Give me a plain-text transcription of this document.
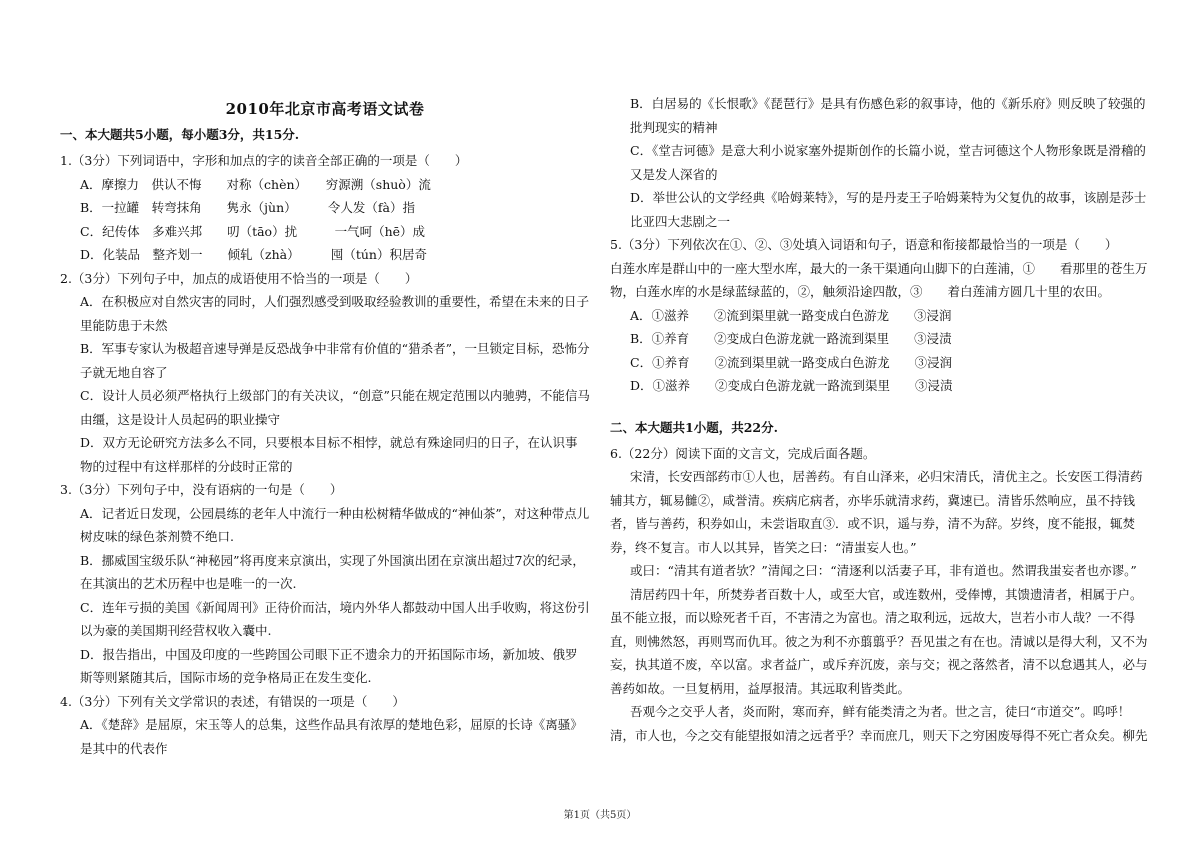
2010年北京市高考语文试卷
一、本大题共5小题，每小题3分，共15分.
1.（3分）下列词语中，字形和加点的字的读音全部正确的一项是（　　）
A．摩擦力　供认不悔　　对称（chèn）　　穷源溯（shuò）流
B．一拉罐　转弯抹角　　隽永（jùn）　　　令人发（fà）指
C．纪传体　多难兴邦　　叨（tāo）扰　　　一气呵（hē）成
D．化装品　整齐划一　　倾轧（zhà）　　　囤（tún）积居奇
2.（3分）下列句子中，加点的成语使用不恰当的一项是（　　）
A．在积极应对自然灾害的同时，人们强烈感受到吸取经验教训的重要性，希望在未来的日子里能防患于未然
B．军事专家认为极超音速导弹是反恐战争中非常有价值的“猎杀者”，一旦锁定目标，恐怖分子就无地自容了
C．设计人员必须严格执行上级部门的有关决议，“创意”只能在规定范围以内驰骋，不能信马由缰，这是设计人员起码的职业操守
D．双方无论研究方法多么不同，只要根本目标不相悖，就总有殊途同归的日子，在认识事物的过程中有这样那样的分歧时正常的
3.（3分）下列句子中，没有语病的一句是（　　）
A．记者近日发现，公园晨练的老年人中流行一种由松树精华做成的“神仙茶”，对这种带点儿树皮味的绿色茶剂赞不绝口.
B．挪威国宝级乐队“神秘园”将再度来京演出，实现了外国演出团在京演出超过7次的纪录，在其演出的艺术历程中也是唯一的一次.
C．连年亏损的美国《新闻周刊》正待价而沽，境内外华人都鼓动中国人出手收购，将这份引以为豪的美国期刊经营权收入囊中.
D．报告指出，中国及印度的一些跨国公司眼下正不遗余力的开拓国际市场，新加坡、俄罗斯等则紧随其后，国际市场的竞争格局正在发生变化.
4.（3分）下列有关文学常识的表述，有错误的一项是（　　）
A．《楚辞》是屈原，宋玉等人的总集，这些作品具有浓厚的楚地色彩，屈原的长诗《离骚》是其中的代表作
B．白居易的《长恨歌》《琵琶行》是具有伤感色彩的叙事诗，他的《新乐府》则反映了较强的批判现实的精神
C．《堂吉诃德》是意大利小说家塞外提斯创作的长篇小说，堂吉诃德这个人物形象既是滑稽的又是发人深省的
D．举世公认的文学经典《哈姆莱特》，写的是丹麦王子哈姆莱特为父复仇的故事，该剧是莎士比亚四大悲剧之一
5.（3分）下列依次在①、②、③处填入词语和句子，语意和衔接都最恰当的一项是（　　）
白莲水库是群山中的一座大型水库，最大的一条干渠通向山脚下的白莲浦，①　　看那里的苍生万物，白莲水库的水是绿蓝绿蓝的，②，触须沿途四散，③　　着白莲浦方圆几十里的农田。
A．①滋养　　②流到渠里就一路变成白色游龙　　③浸润
B．①养育　　②变成白色游龙就一路流到渠里　　③浸渍
C．①养育　　②流到渠里就一路变成白色游龙　　③浸润
D．①滋养　　②变成白色游龙就一路流到渠里　　③浸渍
二、本大题共1小题，共22分.
6.（22分）阅读下面的文言文，完成后面各题。
宋清，长安西部药市①人也，居善药。有自山泽来，必归宋清氏，清优主之。长安医工得清药辅其方，辄易雠②，咸誉清。疾病庀病者，亦毕乐就清求药，冀速已。清皆乐然响应，虽不持钱者，皆与善药，积券如山，未尝诣取直③．或不识，遥与券，清不为辞。岁终，度不能报，辄焚券，终不复言。市人以其异，皆笑之曰：“清蚩妄人也。”
或曰：“清其有道者欤？”清闻之曰：“清逐利以活妻子耳，非有道也。然谓我蚩妄者也亦谬。”
清居药四十年，所焚券者百数十人，或至大官，或连数州，受俸博，其馈遗清者，相属于户。虽不能立报，而以赊死者千百，不害清之为富也。清之取利远，远故大，岂若小市人哉？一不得直，则怫然怒，再则骂而仇耳。彼之为利不亦翦翦乎？吾见蚩之有在也。清诚以是得大利，又不为妄，执其道不废，卒以富。求者益广，或斥弃沉废，亲与交；视之落然者，清不以怠遇其人，必与善药如故。一旦复柄用，益厚报清。其远取利皆类此。
吾观今之交乎人者，炎而附，寒而弃，鲜有能类清之为者。世之言，徒曰“市道交”。呜呼！清，市人也，今之交有能望报如清之远者乎？幸而庶几，则天下之穷困废辱得不死亡者众矣。柳先
第1页（共5页）
